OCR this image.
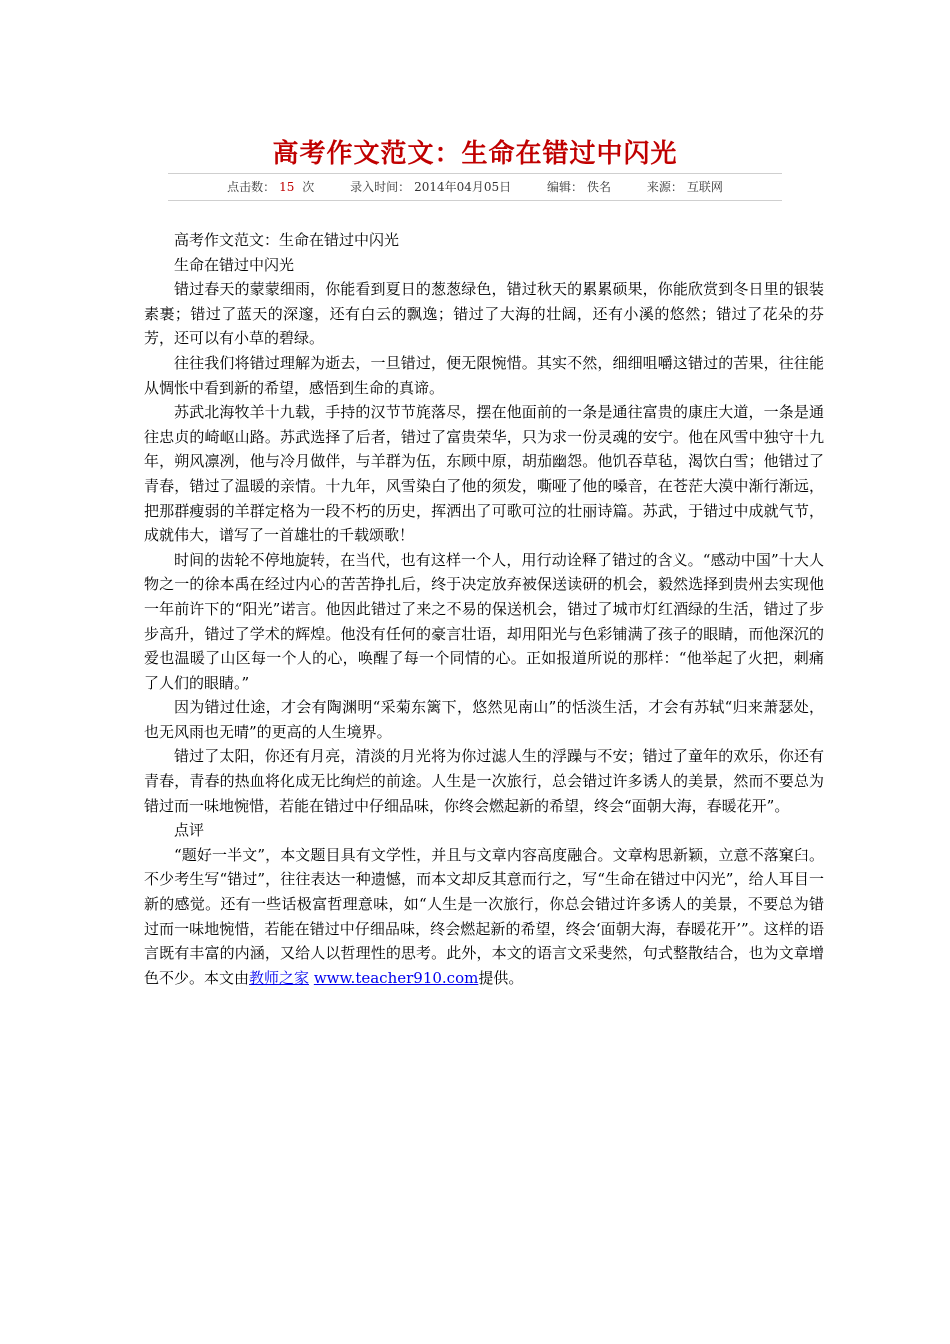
高考作文范文：生命在错过中闪光
点击数： 15 次	录入时间： 2014年04月05日	编辑： 佚名	来源： 互联网

高考作文范文：生命在错过中闪光

生命在错过中闪光

错过春天的蒙蒙细雨，你能看到夏日的葱葱绿色，错过秋天的累累硕果，你能欣赏到冬日里的银装素裹；错过了蓝天的深邃，还有白云的飘逸；错过了大海的壮阔，还有小溪的悠然；错过了花朵的芬芳，还可以有小草的碧绿。

往往我们将错过理解为逝去，一旦错过，便无限惋惜。其实不然，细细咀嚼这错过的苦果，往往能从惆怅中看到新的希望，感悟到生命的真谛。

苏武北海牧羊十九载，手持的汉节节旄落尽，摆在他面前的一条是通往富贵的康庄大道，一条是通往忠贞的崎岖山路。苏武选择了后者，错过了富贵荣华，只为求一份灵魂的安宁。他在风雪中独守十九年，朔风凛冽，他与冷月做伴，与羊群为伍，东顾中原，胡茄幽怨。他饥吞草毡，渴饮白雪；他错过了青春，错过了温暖的亲情。十九年，风雪染白了他的须发，嘶哑了他的嗓音，在苍茫大漠中渐行渐远，把那群瘦弱的羊群定格为一段不朽的历史，挥洒出了可歌可泣的壮丽诗篇。苏武，于错过中成就气节，成就伟大，谱写了一首雄壮的千载颂歌！

时间的齿轮不停地旋转，在当代，也有这样一个人，用行动诠释了错过的含义。“感动中国”十大人物之一的徐本禹在经过内心的苦苦挣扎后，终于决定放弃被保送读研的机会，毅然选择到贵州去实现他一年前许下的“阳光”诺言。他因此错过了来之不易的保送机会，错过了城市灯红酒绿的生活，错过了步步高升，错过了学术的辉煌。他没有任何的豪言壮语，却用阳光与色彩铺满了孩子的眼睛，而他深沉的爱也温暖了山区每一个人的心，唤醒了每一个同情的心。正如报道所说的那样：“他举起了火把，刺痛了人们的眼睛。”

因为错过仕途，才会有陶渊明“采菊东篱下，悠然见南山”的恬淡生活，才会有苏轼“归来萧瑟处，也无风雨也无晴”的更高的人生境界。

错过了太阳，你还有月亮，清淡的月光将为你过滤人生的浮躁与不安；错过了童年的欢乐，你还有青春，青春的热血将化成无比绚烂的前途。人生是一次旅行，总会错过许多诱人的美景，然而不要总为错过而一味地惋惜，若能在错过中仔细品味，你终会燃起新的希望，终会“面朝大海，春暖花开”。

点评

“题好一半文”，本文题目具有文学性，并且与文章内容高度融合。文章构思新颖，立意不落窠臼。不少考生写“错过”，往往表达一种遗憾，而本文却反其意而行之，写“生命在错过中闪光”，给人耳目一新的感觉。还有一些话极富哲理意味，如“人生是一次旅行，你总会错过许多诱人的美景，不要总为错过而一味地惋惜，若能在错过中仔细品味，终会燃起新的希望，终会‘面朝大海，春暖花开’”。这样的语言既有丰富的内涵，又给人以哲理性的思考。此外，本文的语言文采斐然，句式整散结合，也为文章增色不少。本文由教师之家 www.teacher910.com提供。
